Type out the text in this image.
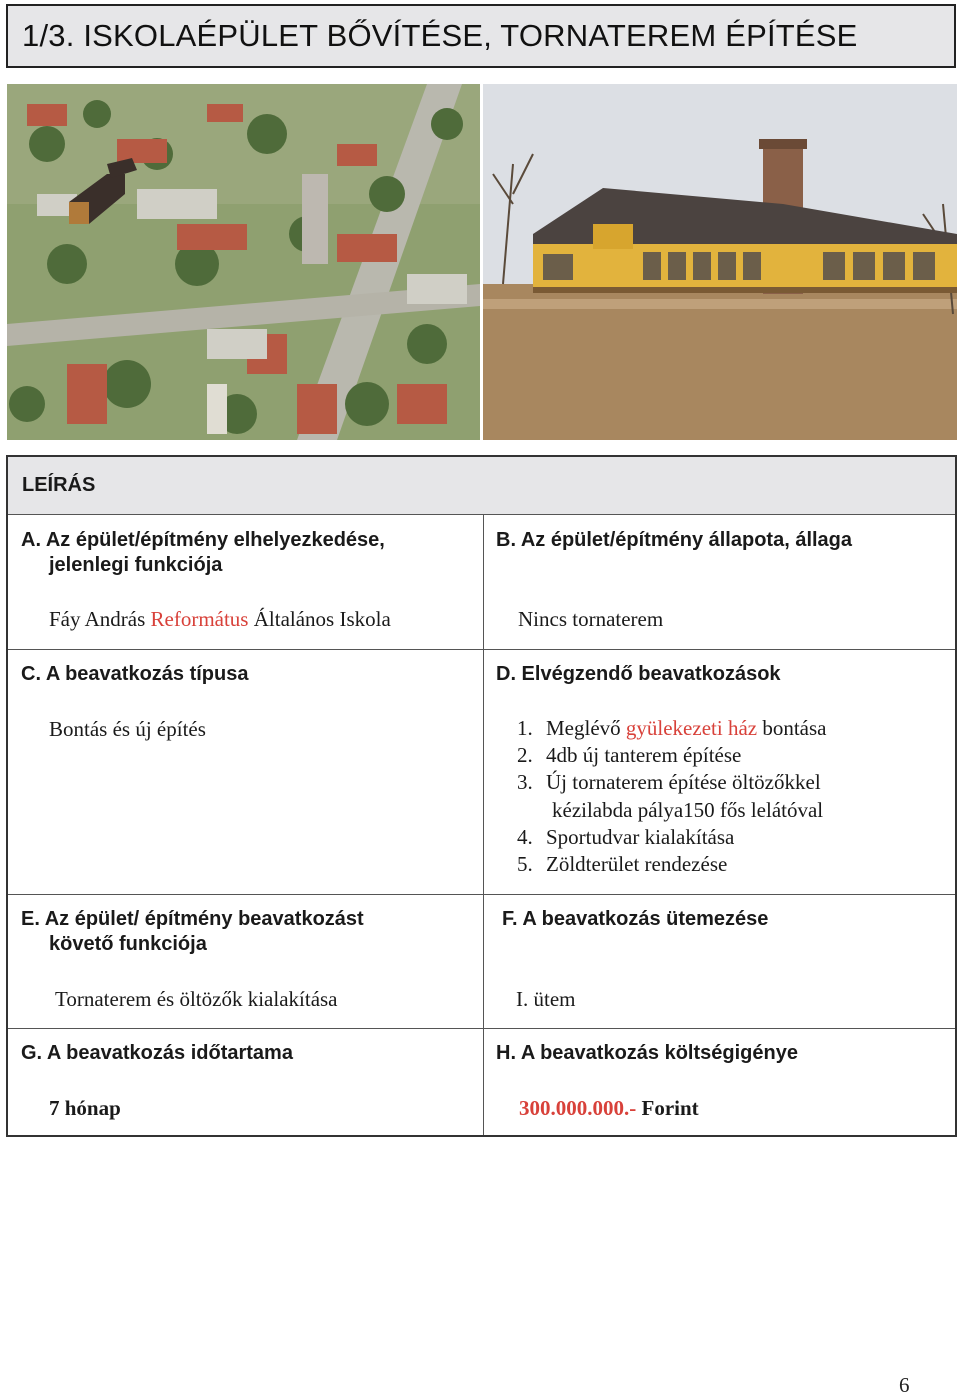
1/3. ISKOLAÉPÜLET BŐVÍTÉSE, TORNATEREM ÉPÍTÉSE
LEÍRÁS
A. Az épület/építmény elhelyezkedése,
jelenlegi funkciója
Fáy András Református Általános Iskola
B. Az épület/építmény állapota, állaga
Nincs tornaterem
C. A beavatkozás típusa
Bontás és új építés
D. Elvégzendő beavatkozások
1. Meglévő gyülekezeti ház bontása
2. 4db új tanterem építése
3. Új tornaterem építése öltözőkkel
kézilabda pálya150 fős lelátóval
4. Sportudvar kialakítása
5. Zöldterület rendezése
E. Az épület/ építmény beavatkozást
követő funkciója
Tornaterem és öltözők kialakítása
F. A beavatkozás ütemezése
I. ütem
G. A beavatkozás időtartama
7 hónap
H. A beavatkozás költségigénye
300.000.000.- Forint
6
